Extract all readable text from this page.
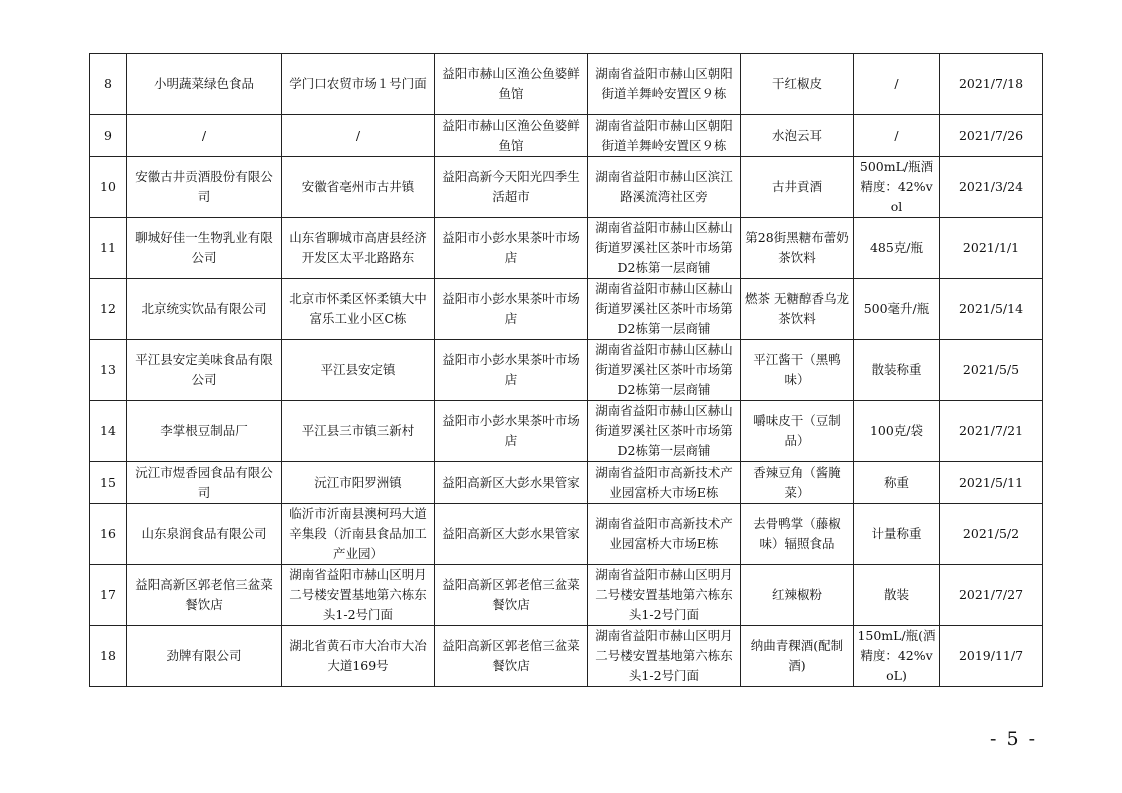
8	小明蔬菜绿色食品	学门口农贸市场１号门面	益阳市赫山区渔公鱼婆鲜鱼馆	湖南省益阳市赫山区朝阳街道羊舞岭安置区９栋	干红椒皮	/	2021/7/18
9	/	/	益阳市赫山区渔公鱼婆鲜鱼馆	湖南省益阳市赫山区朝阳街道羊舞岭安置区９栋	水泡云耳	/	2021/7/26
10	安徽古井贡酒股份有限公司	安徽省亳州市古井镇	益阳高新今天阳光四季生活超市	湖南省益阳市赫山区滨江路溪流湾社区旁	古井貢酒	500mL/瓶酒精度：42%vol	2021/3/24
11	聊城好佳一生物乳业有限公司	山东省聊城市高唐县经济开发区太平北路路东	益阳市小彭水果茶叶市场店	湖南省益阳市赫山区赫山街道罗溪社区茶叶市场第D2栋第一层商铺	第28街黑糖布蕾奶茶饮料	485克/瓶	2021/1/1
12	北京统实饮品有限公司	北京市怀柔区怀柔镇大中富乐工业小区C栋	益阳市小彭水果茶叶市场店	湖南省益阳市赫山区赫山街道罗溪社区茶叶市场第D2栋第一层商铺	燃茶 无糖醇香乌龙茶饮料	500毫升/瓶	2021/5/14
13	平江县安定美味食品有限公司	平江县安定镇	益阳市小彭水果茶叶市场店	湖南省益阳市赫山区赫山街道罗溪社区茶叶市场第D2栋第一层商铺	平江酱干（黑鸭味）	散装称重	2021/5/5
14	李掌根豆制品厂	平江县三市镇三新村	益阳市小彭水果茶叶市场店	湖南省益阳市赫山区赫山街道罗溪社区茶叶市场第D2栋第一层商铺	嚼味皮干（豆制品）	100克/袋	2021/7/21
15	沅江市煜香园食品有限公司	沅江市阳罗洲镇	益阳高新区大彭水果管家	湖南省益阳市高新技术产业园富桥大市场E栋	香辣豆角（酱腌菜）	称重	2021/5/11
16	山东泉润食品有限公司	临沂市沂南县澳柯玛大道辛集段（沂南县食品加工产业园）	益阳高新区大彭水果管家	湖南省益阳市高新技术产业园富桥大市场E栋	去骨鸭掌（藤椒味）辐照食品	计量称重	2021/5/2
17	益阳高新区郭老倌三盆菜餐饮店	湖南省益阳市赫山区明月二号楼安置基地第六栋东头1-2号门面	益阳高新区郭老倌三盆菜餐饮店	湖南省益阳市赫山区明月二号楼安置基地第六栋东头1-2号门面	红辣椒粉	散装	2021/7/27
18	劲牌有限公司	湖北省黄石市大冶市大冶大道169号	益阳高新区郭老倌三盆菜餐饮店	湖南省益阳市赫山区明月二号楼安置基地第六栋东头1-2号门面	纳曲青稞酒(配制酒)	150mL/瓶(酒精度：42%voL)	2019/11/7
- 5 -
